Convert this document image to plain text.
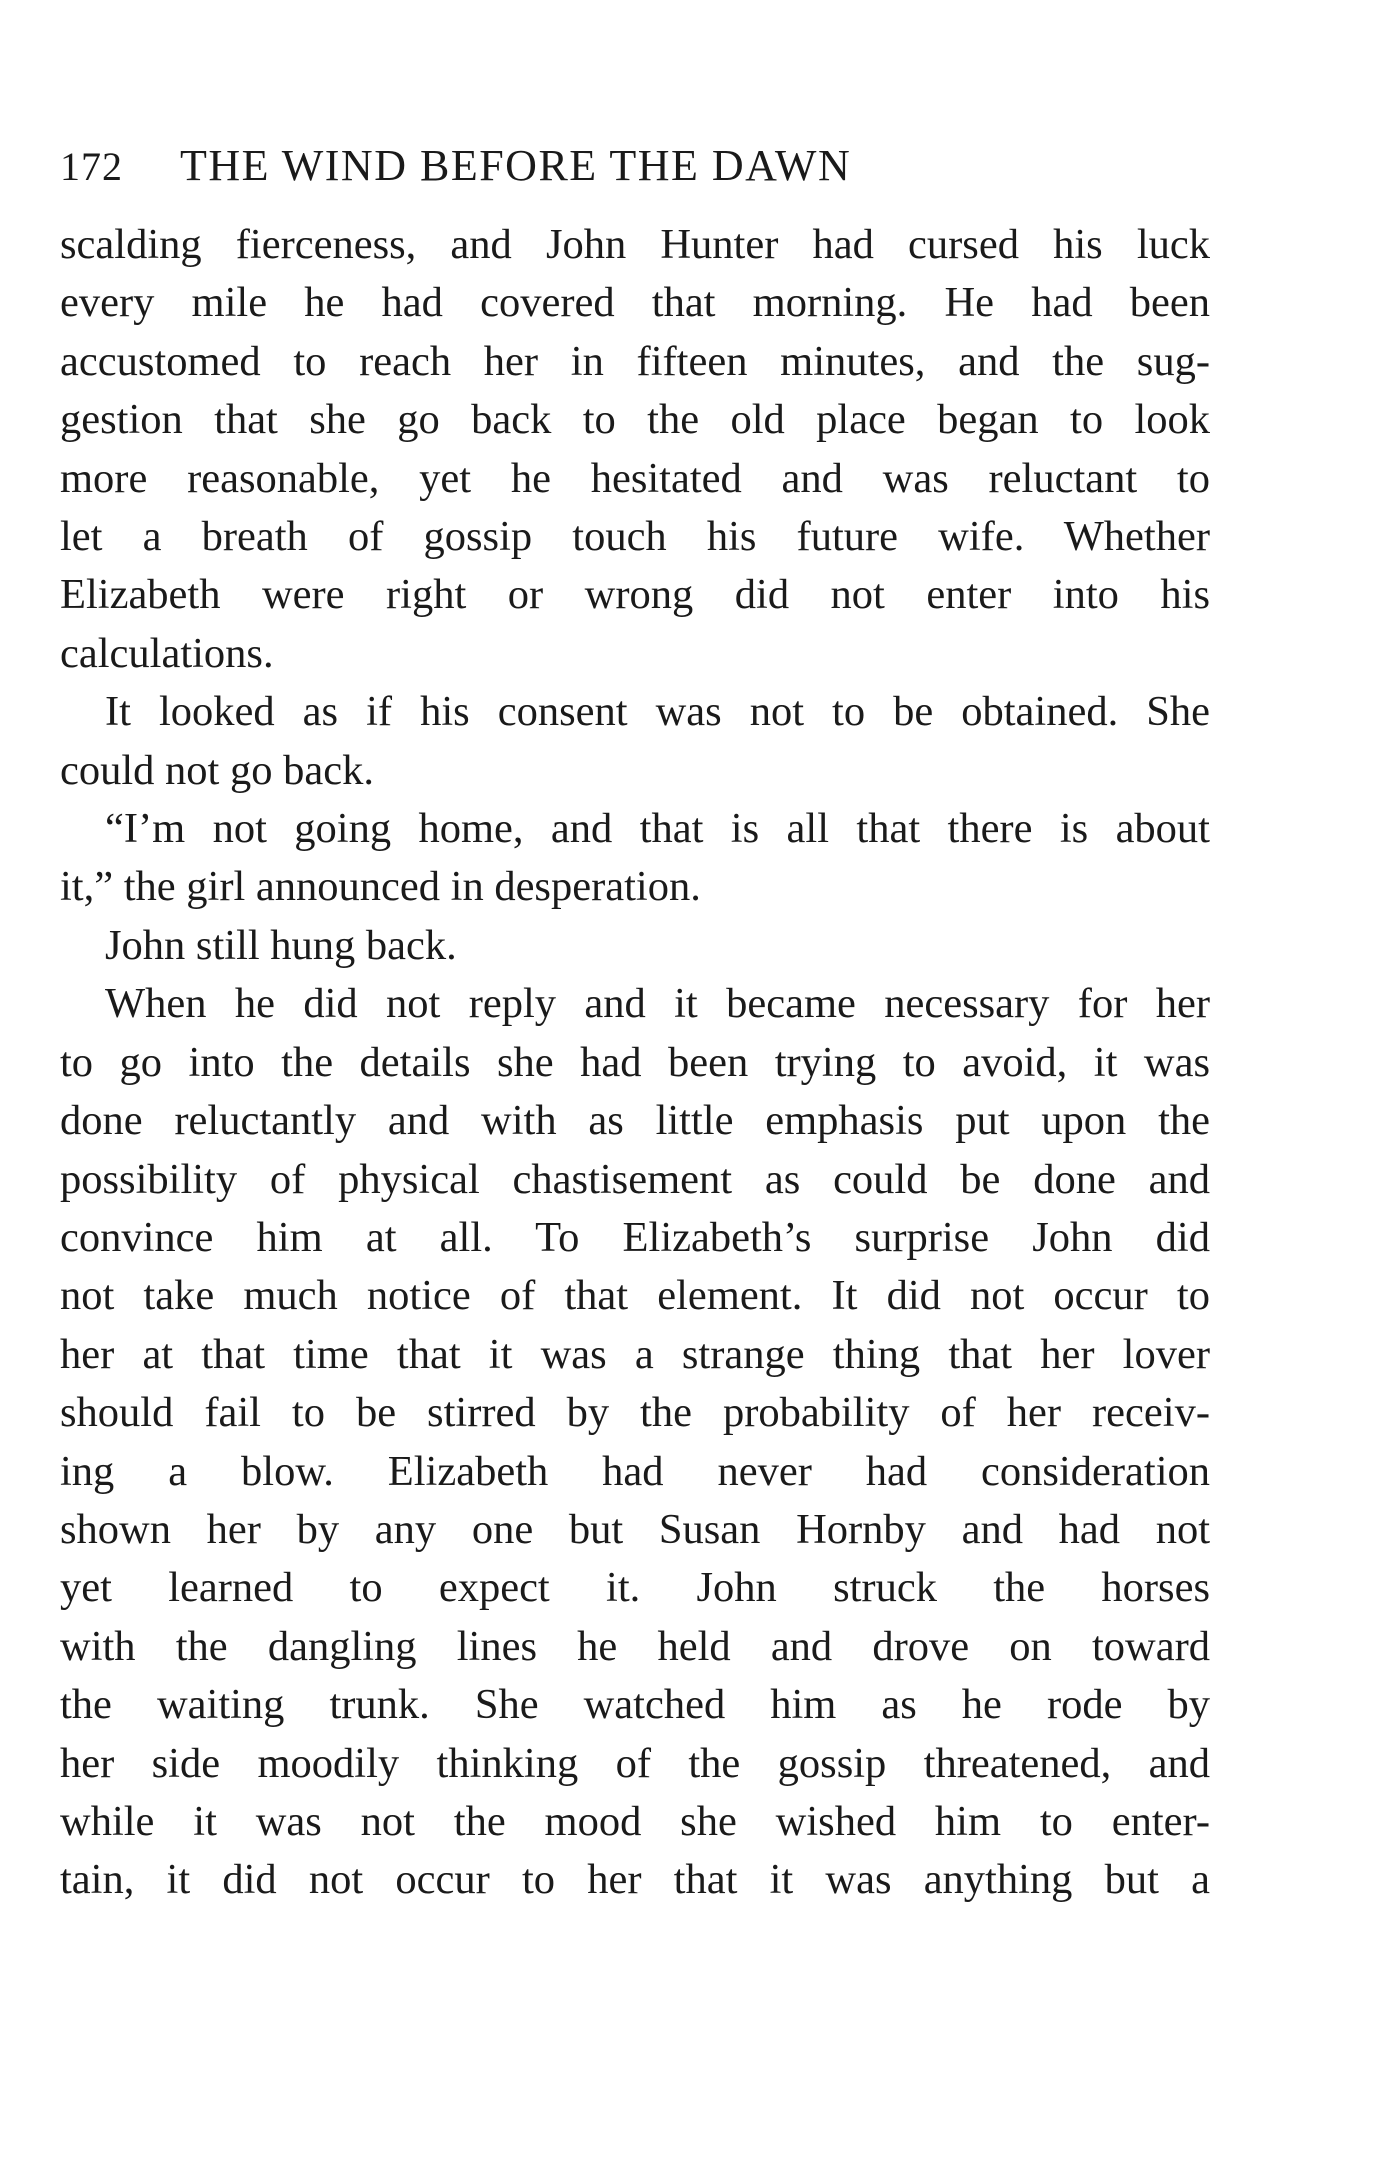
172	THE WIND BEFORE THE DAWN

scalding fierceness, and John Hunter had cursed his luck
every mile he had covered that morning. He had been
accustomed to reach her in fifteen minutes, and the sug-
gestion that she go back to the old place began to look
more reasonable, yet he hesitated and was reluctant to
let a breath of gossip touch his future wife. Whether
Elizabeth were right or wrong did not enter into his
calculations.

It looked as if his consent was not to be obtained. She
could not go back.

“I’m not going home, and that is all that there is about
it,” the girl announced in desperation.

John still hung back.

When he did not reply and it became necessary for her
to go into the details she had been trying to avoid, it was
done reluctantly and with as little emphasis put upon the
possibility of physical chastisement as could be done and
convince him at all. To Elizabeth’s surprise John did
not take much notice of that element. It did not occur to
her at that time that it was a strange thing that her lover
should fail to be stirred by the probability of her receiv-
ing a blow. Elizabeth had never had consideration
shown her by any one but Susan Hornby and had not
yet learned to expect it. John struck the horses
with the dangling lines he held and drove on toward
the waiting trunk. She watched him as he rode by
her side moodily thinking of the gossip threatened, and
while it was not the mood she wished him to enter-
tain, it did not occur to her that it was anything but a
